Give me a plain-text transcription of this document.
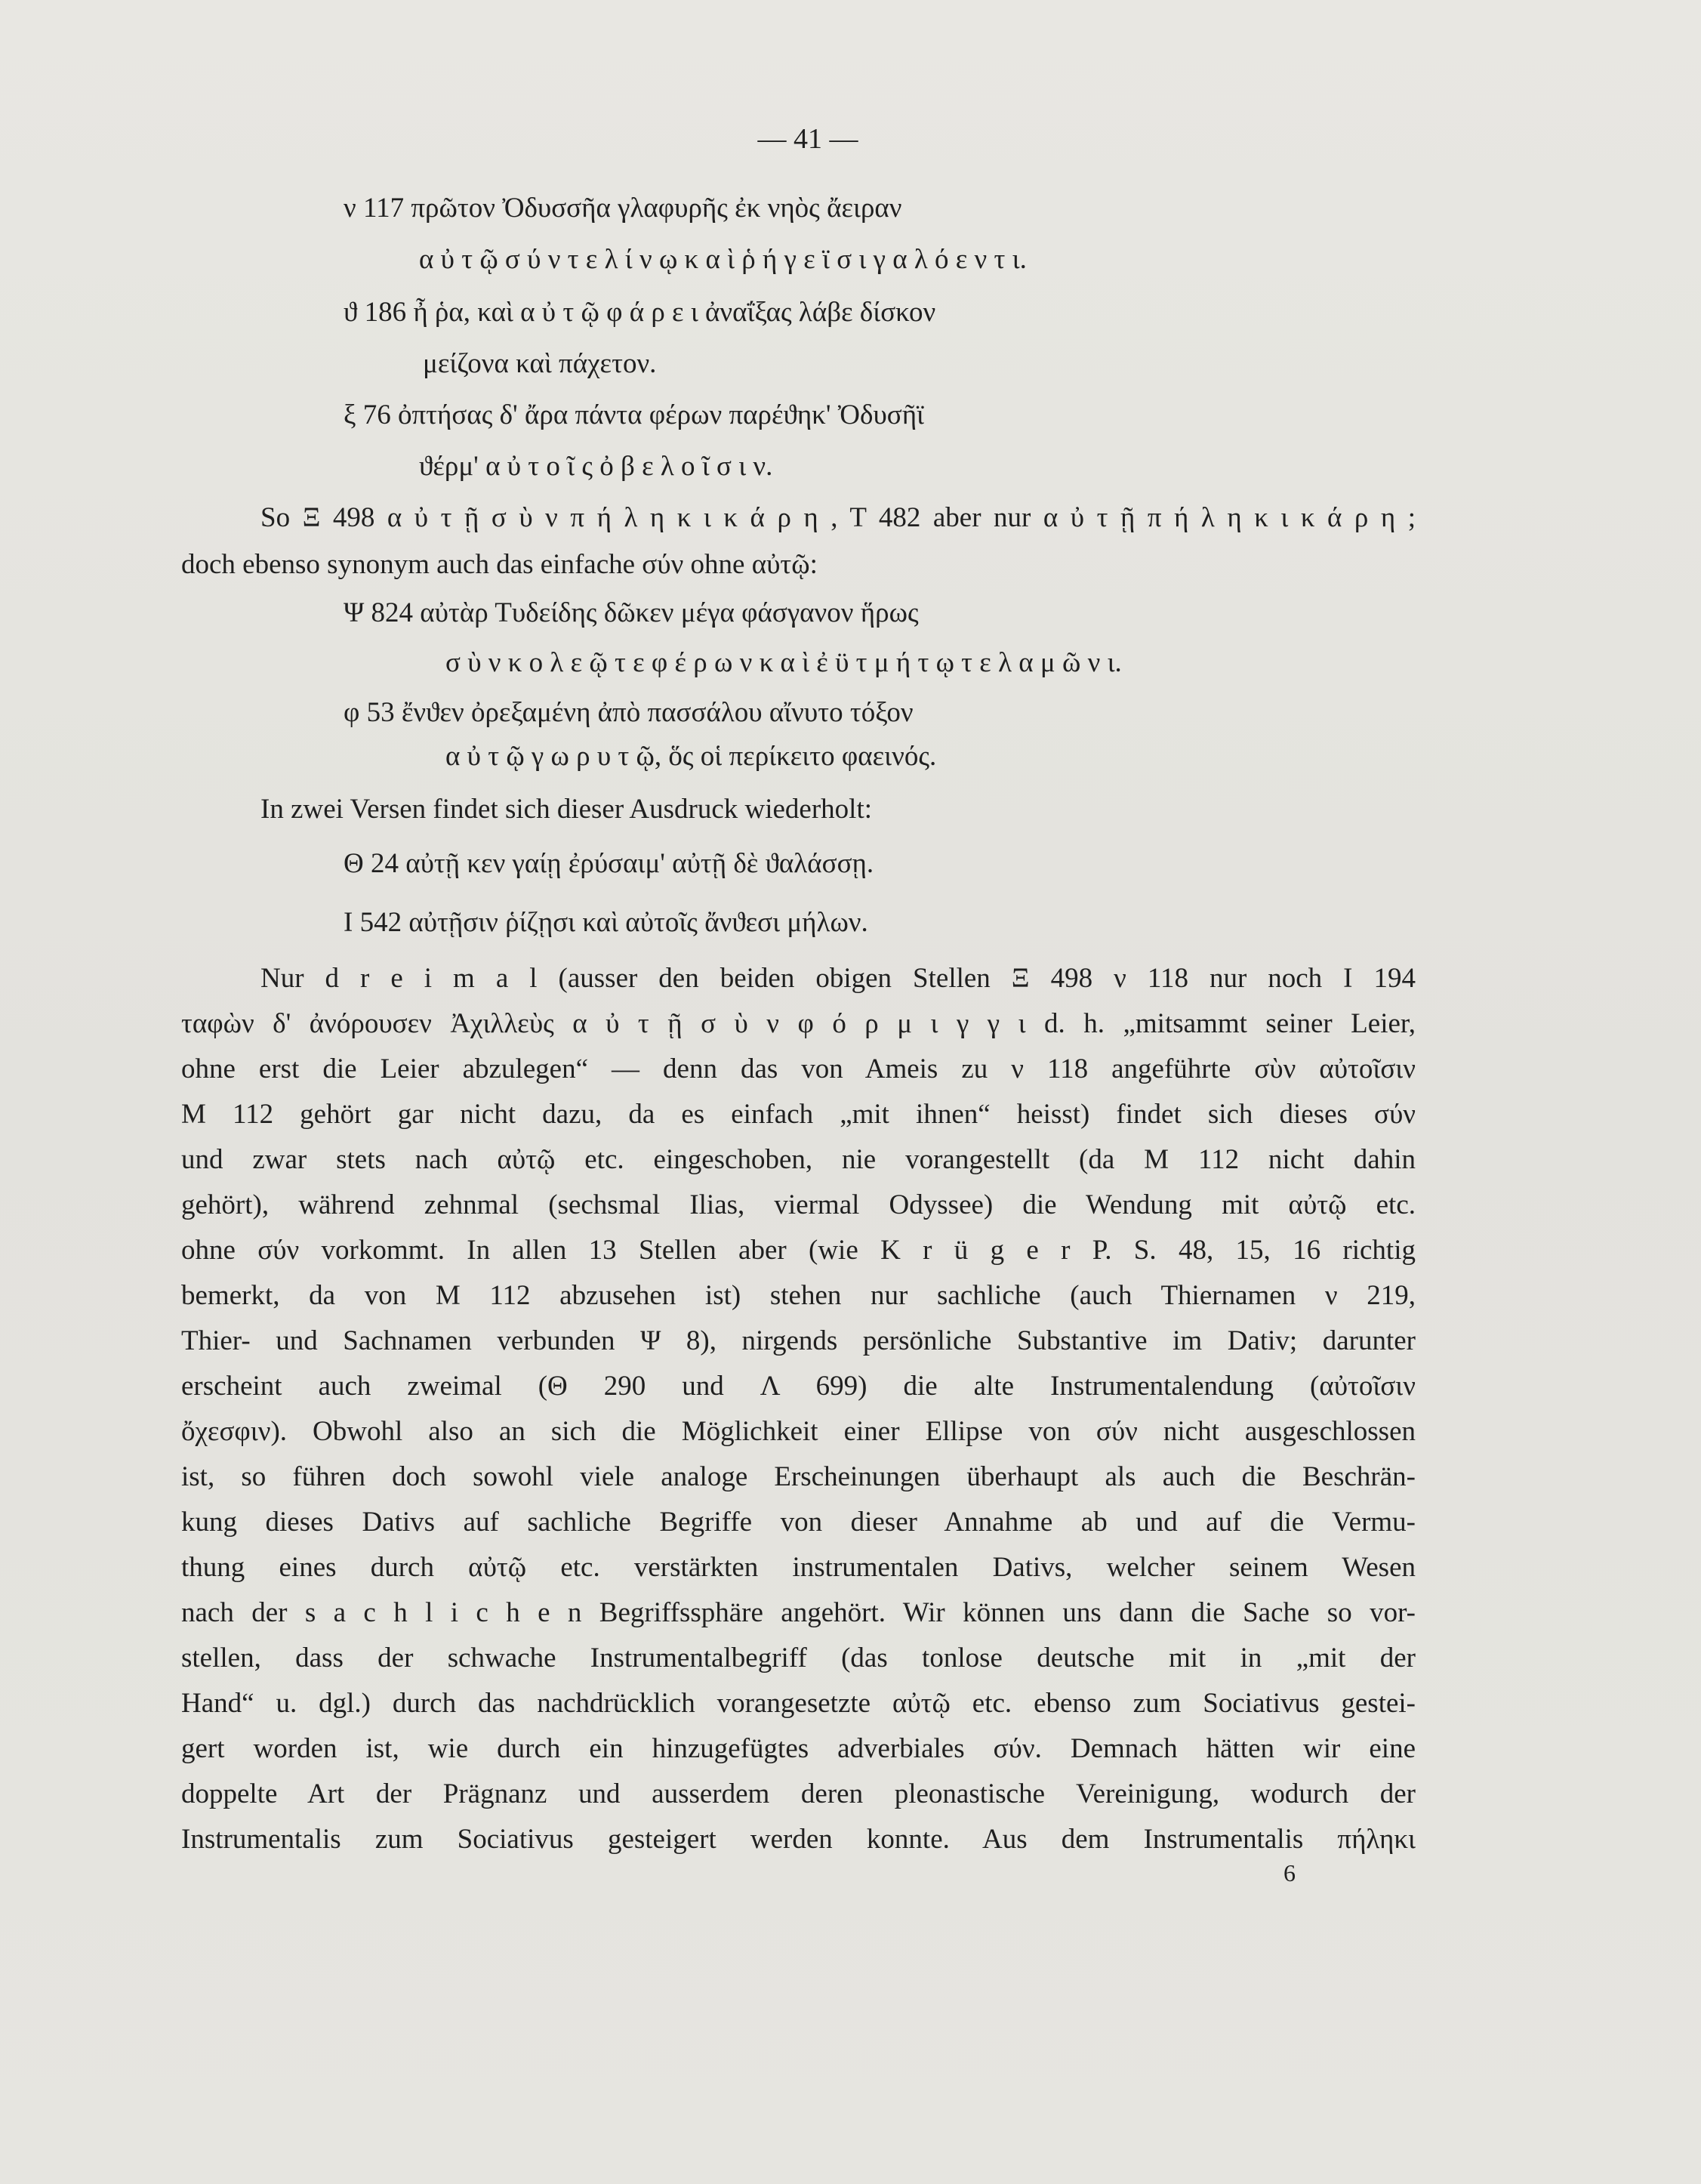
— 41 —
ν 117 πρῶτον Ὀδυσσῆα γλαφυρῆς ἐκ νηὸς ἄειραν
α ὐ τ ῷ σ ύ ν τ ε λ ί ν ῳ κ α ὶ ῥ ή γ ε ϊ σ ι γ α λ ό ε ν τ ι.
ϑ 186 ἦ ῥα, καὶ α ὐ τ ῷ φ ά ρ ε ι ἀναΐξας λάβε δίσκον
μείζονα καὶ πάχετον.
ξ 76 ὀπτήσας δ' ἄρα πάντα φέρων παρέϑηκ' Ὀδυσῆϊ
ϑέρμ' α ὐ τ ο ῖ ς ὀ β ε λ ο ῖ σ ι ν.
So Ξ 498 α ὐ τ ῇ σ ὺ ν π ή λ η κ ι κ ά ρ η , Τ 482 aber nur α ὐ τ ῇ π ή λ η κ ι κ ά ρ η ;
doch ebenso synonym auch das einfache σύν ohne αὐτῷ:
Ψ 824 αὐτὰρ Τυδείδης δῶκεν μέγα φάσγανον ἥρως
σ ὺ ν κ ο λ ε ῷ τ ε φ έ ρ ω ν κ α ὶ ἐ ϋ τ μ ή τ ῳ τ ε λ α μ ῶ ν ι.
φ 53 ἔνϑεν ὀρεξαμένη ἀπὸ πασσάλου αἴνυτο τόξον
α ὐ τ ῷ γ ω ρ υ τ ῷ, ὅς οἱ περίκειτο φαεινός.
In zwei Versen findet sich dieser Ausdruck wiederholt:
Θ 24 αὐτῇ κεν γαίῃ ἐρύσαιμ' αὐτῇ δὲ ϑαλάσσῃ.
Ι 542 αὐτῇσιν ῥίζῃσι καὶ αὐτοῖς ἄνϑεσι μήλων.
Nur d r e i m a l (ausser den beiden obigen Stellen Ξ 498 ν 118 nur noch Ι 194
ταφὼν δ' ἀνόρουσεν Ἀχιλλεὺς α ὐ τ ῇ σ ὺ ν φ ό ρ μ ι γ γ ι d. h. „mitsammt seiner Leier,
ohne erst die Leier abzulegen“ — denn das von Ameis zu ν 118 angeführte σὺν αὐτοῖσιν
Μ 112 gehört gar nicht dazu, da es einfach „mit ihnen“ heisst) findet sich dieses σύν
und zwar stets nach αὐτῷ etc. eingeschoben, nie vorangestellt (da Μ 112 nicht dahin
gehört), während zehnmal (sechsmal Ilias, viermal Odyssee) die Wendung mit αὐτῷ etc.
ohne σύν vorkommt. In allen 13 Stellen aber (wie K r ü g e r P. S. 48, 15, 16 richtig
bemerkt, da von Μ 112 abzusehen ist) stehen nur sachliche (auch Thiernamen ν 219,
Thier- und Sachnamen verbunden Ψ 8), nirgends persönliche Substantive im Dativ; darunter
erscheint auch zweimal (Θ 290 und Λ 699) die alte Instrumentalendung (αὐτοῖσιν
ὄχεσφιν). Obwohl also an sich die Möglichkeit einer Ellipse von σύν nicht ausgeschlossen
ist, so führen doch sowohl viele analoge Erscheinungen überhaupt als auch die Beschrän-
kung dieses Dativs auf sachliche Begriffe von dieser Annahme ab und auf die Vermu-
thung eines durch αὐτῷ etc. verstärkten instrumentalen Dativs, welcher seinem Wesen
nach der s a c h l i c h e n Begriffssphäre angehört. Wir können uns dann die Sache so vor-
stellen, dass der schwache Instrumentalbegriff (das tonlose deutsche mit in „mit der
Hand“ u. dgl.) durch das nachdrücklich vorangesetzte αὐτῷ etc. ebenso zum Sociativus gestei-
gert worden ist, wie durch ein hinzugefügtes adverbiales σύν. Demnach hätten wir eine
doppelte Art der Prägnanz und ausserdem deren pleonastische Vereinigung, wodurch der
Instrumentalis zum Sociativus gesteigert werden konnte. Aus dem Instrumentalis πήληκι
6
